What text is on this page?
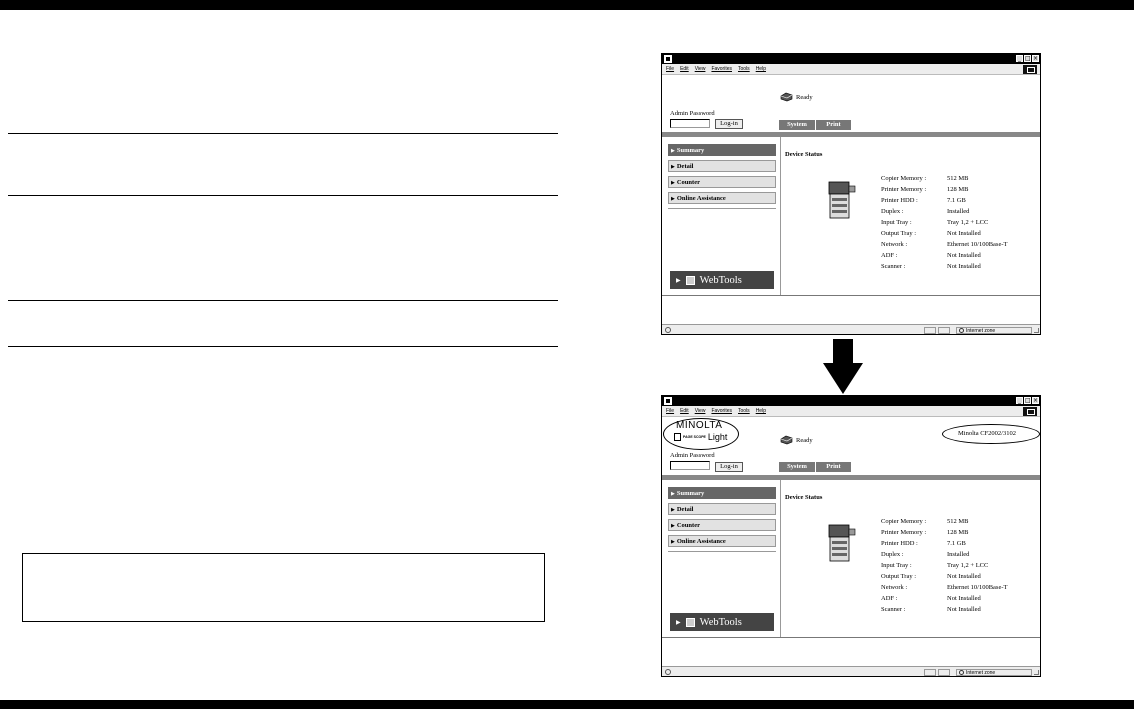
_ □ ×
File Edit View Favorites Tools Help
Ready
Admin Password
Log-in	System	Print
▶ Summary
▶ Detail
▶ Counter
▶ Online Assistance
▶ WebTools
Device Status
Copier Memory :	512 MB
Printer Memory :	128 MB
Printer HDD :	7.1 GB
Duplex :	Installed
Input Tray :	Tray 1,2 + LCC
Output Tray :	Not Installed
Network :	Ethernet 10/100Base-T
ADF :	Not Installed
Scanner :	Not Installed
Internet zone
_ □ ×
File Edit View Favorites Tools Help
MINOLTA
PAGE SCOPE Light	Minolta CF2002/3102
Ready
Admin Password
Log-in	System	Print
▶ Summary
▶ Detail
▶ Counter
▶ Online Assistance
▶ WebTools
Device Status
Copier Memory :	512 MB
Printer Memory :	128 MB
Printer HDD :	7.1 GB
Duplex :	Installed
Input Tray :	Tray 1,2 + LCC
Output Tray :	Not Installed
Network :	Ethernet 10/100Base-T
ADF :	Not Installed
Scanner :	Not Installed
Internet zone
